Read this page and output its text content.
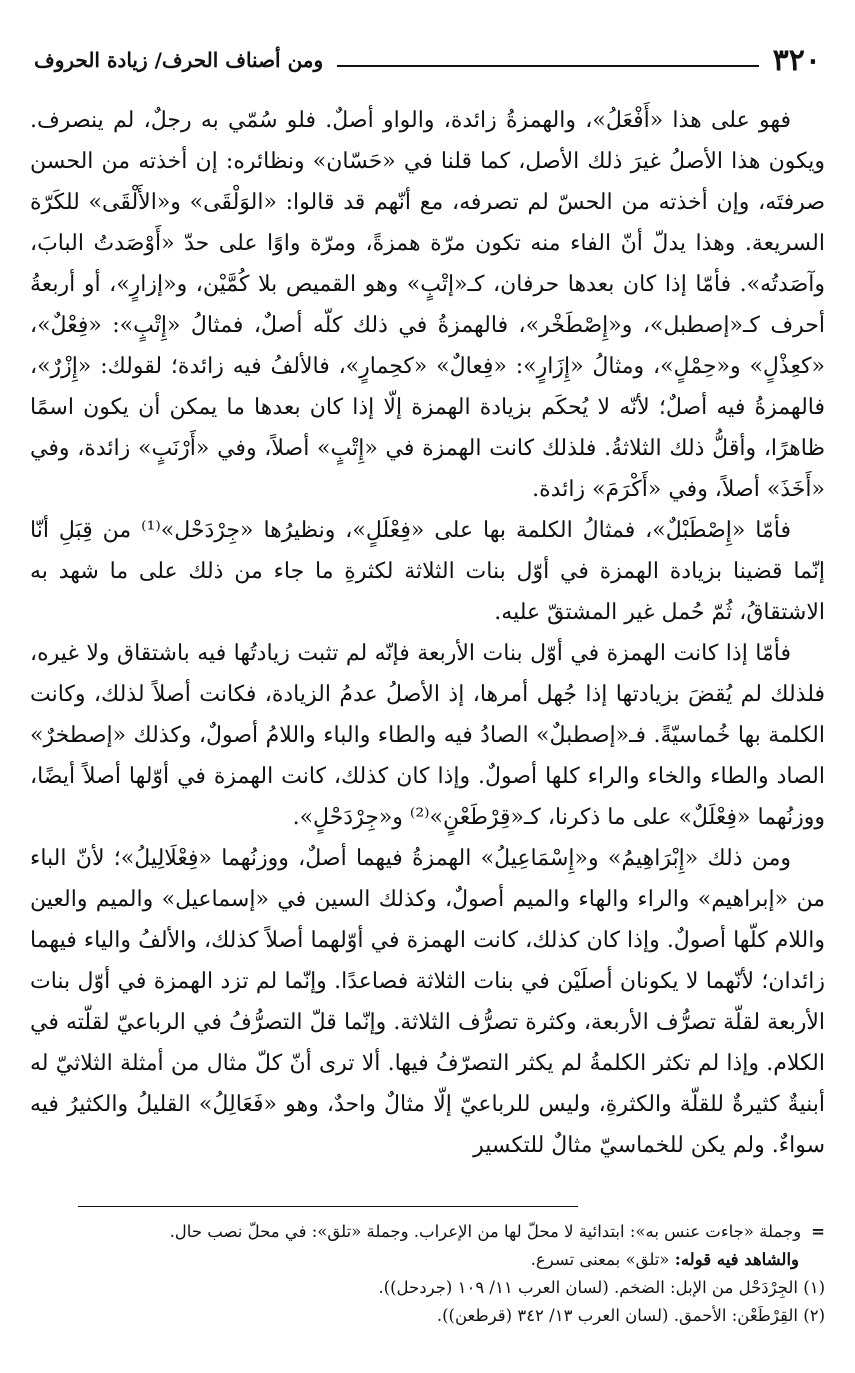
٣٢٠
ومن أصناف الحرف/ زيادة الحروف

فهو على هذا «أَفْعَلُ»، والهمزةُ زائدة، والواو أصلٌ. فلو سُمّي به رجلٌ، لم ينصرف. ويكون هذا الأصلُ غيرَ ذلك الأصل، كما قلنا في «حَسّان» ونظائره: إن أخذته من الحسن صرفتَه، وإن أخذته من الحسّ لم تصرفه، مع أنّهم قد قالوا: «الوَلْقَى» و«الأَلْقَى» للكَرّة السريعة. وهذا يدلّ أنّ الفاء منه تكون مرّة همزةً، ومرّة واوًا على حدّ «أَوْصَدتُ البابَ، وآصَدتُه». فأمّا إذا كان بعدها حرفان، كـ«إتْبٍ» وهو القميص بلا كُمَّيْن، و«إزارٍ»، أو أربعةُ أحرف كـ«إصطبل»، و«إِصْطَخْر»، فالهمزةُ في ذلك كلّه أصلٌ، فمثالُ «إِتْبٍ»: «فِعْلٌ»، «كعِذْلٍ» و«حِمْلٍ»، ومثالُ «إِزَارٍ»: «فِعالٌ» «كحِمارٍ»، فالألفُ فيه زائدة؛ لقولك: «إِزْرٌ»، فالهمزةُ فيه أصلٌ؛ لأنّه لا يُحكَم بزيادة الهمزة إلّا إذا كان بعدها ما يمكن أن يكون اسمًا ظاهرًا، وأقلُّ ذلك الثلاثةُ. فلذلك كانت الهمزة في «إِتْبٍ» أصلاً، وفي «أَرْنَبٍ» زائدة، وفي «أَخَذَ» أصلاً، وفي «أَكْرَمَ» زائدة.

فأمّا «إِصْطَبْلٌ»، فمثالُ الكلمة بها على «فِعْلَلٍ»، ونظيرُها «جِرْدَحْل»⁽¹⁾ من قِبَلِ أنّا إنّما قضينا بزيادة الهمزة في أوّل بنات الثلاثة لكثرةِ ما جاء من ذلك على ما شهد به الاشتقاقُ، ثُمّ حُمل غير المشتقّ عليه.

فأمّا إذا كانت الهمزة في أوّل بنات الأربعة فإنّه لم تثبت زيادتُها فيه باشتقاق ولا غيره، فلذلك لم يُقضَ بزيادتها إذا جُهل أمرها، إذ الأصلُ عدمُ الزيادة، فكانت أصلاً لذلك، وكانت الكلمة بها خُماسيّةً. فـ«إصطبلٌ» الصادُ فيه والطاء والباء واللامُ أصولٌ، وكذلك «إصطخرٌ» الصاد والطاء والخاء والراء كلها أصولٌ. وإذا كان كذلك، كانت الهمزة في أوّلها أصلاً أيضًا، ووزنُهما «فِعْلَلٌ» على ما ذكرنا، كـ«قِرْطَعْنٍ»⁽²⁾ و«جِرْدَحْلٍ».

ومن ذلك «إِبْرَاهِيمُ» و«إِسْمَاعِيلُ» الهمزةُ فيهما أصلٌ، ووزنُهما «فِعْلَالِيلُ»؛ لأنّ الباء من «إبراهيم» والراء والهاء والميم أصولٌ، وكذلك السين في «إسماعيل» والميم والعين واللام كلّها أصولٌ. وإذا كان كذلك، كانت الهمزة في أوّلهما أصلاً كذلك، والألفُ والياء فيهما زائدان؛ لأنّهما لا يكونان أصلَيْن في بنات الثلاثة فصاعدًا. وإنّما لم تزد الهمزة في أوّل بنات الأربعة لقلّة تصرُّف الأربعة، وكثرة تصرُّف الثلاثة. وإنّما قلّ التصرُّفُ في الرباعيّ لقلّته في الكلام. وإذا لم تكثر الكلمةُ لم يكثر التصرّفُ فيها. ألا ترى أنّ كلّ مثال من أمثلة الثلاثيّ له أبنيةٌ كثيرةٌ للقلّة والكثرةِ، وليس للرباعيّ إلّا مثالٌ واحدٌ، وهو «فَعَالِلُ» القليلُ والكثيرُ فيه سواءٌ. ولم يكن للخماسيّ مثالٌ للتكسير

=
وجملة «جاءت عنس به»: ابتدائية لا محلّ لها من الإعراب. وجملة «تلق»: في محلّ نصب حال.

والشاهد فيه قوله: «تلق» بمعنى تسرع.

(١) الجِرْدَحْل من الإبل: الضخم. (لسان العرب ١١/ ١٠٩ (جردحل)).

(٢) القِرْطَعْن: الأحمق. (لسان العرب ١٣/ ٣٤٢ (قرطعن)).
